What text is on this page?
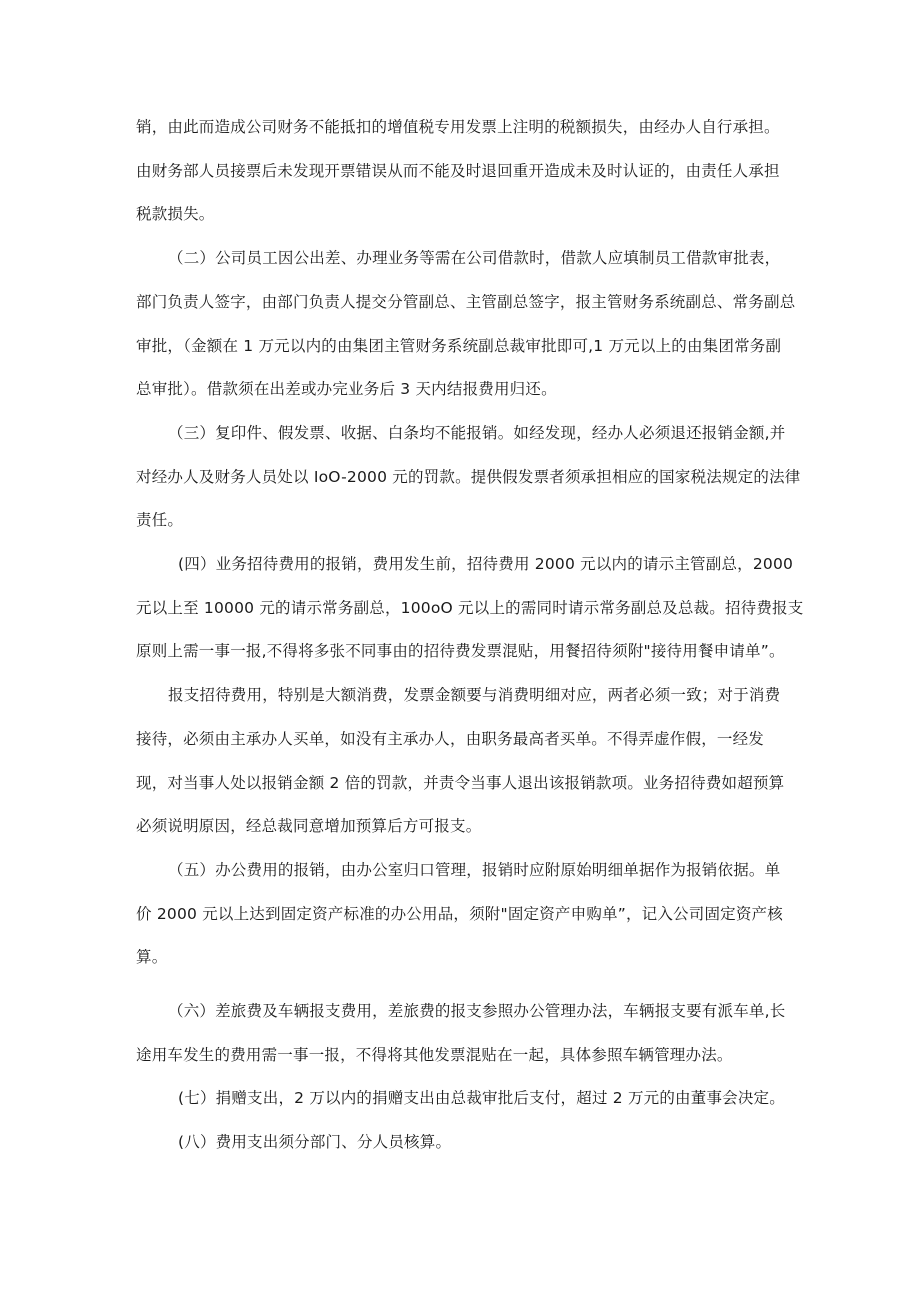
销，由此而造成公司财务不能抵扣的增值税专用发票上注明的税额损失，由经办人自行承担。
由财务部人员接票后未发现开票错误从而不能及时退回重开造成未及时认证的，由责任人承担
税款损失。
（二）公司员工因公出差、办理业务等需在公司借款时，借款人应填制员工借款审批表，
部门负责人签字，由部门负责人提交分管副总、主管副总签字，报主管财务系统副总、常务副总
审批，（金额在 1 万元以内的由集团主管财务系统副总裁审批即可,1 万元以上的由集团常务副
总审批）。借款须在出差或办完业务后 3 天内结报费用归还。
（三）复印件、假发票、收据、白条均不能报销。如经发现，经办人必须退还报销金额,并
对经办人及财务人员处以 IoO-2000 元的罚款。提供假发票者须承担相应的国家税法规定的法律
责任。
(四）业务招待费用的报销，费用发生前，招待费用 2000 元以内的请示主管副总，2000
元以上至 10000 元的请示常务副总，100oO 元以上的需同时请示常务副总及总裁。招待费报支
原则上需一事一报,不得将多张不同事由的招待费发票混贴，用餐招待须附"接待用餐申请单”。
报支招待费用，特别是大额消费，发票金额要与消费明细对应，两者必须一致；对于消费
接待，必须由主承办人买单，如没有主承办人，由职务最高者买单。不得弄虚作假，一经发
现，对当事人处以报销金额 2 倍的罚款，并责令当事人退出该报销款项。业务招待费如超预算
必须说明原因，经总裁同意增加预算后方可报支。
（五）办公费用的报销，由办公室归口管理，报销时应附原始明细单据作为报销依据。单
价 2000 元以上达到固定资产标准的办公用品，须附"固定资产申购单”，记入公司固定资产核
算。
（六）差旅费及车辆报支费用，差旅费的报支参照办公管理办法，车辆报支要有派车单,长
途用车发生的费用需一事一报，不得将其他发票混贴在一起，具体参照车辆管理办法。
(七）捐赠支出，2 万以内的捐赠支出由总裁审批后支付，超过 2 万元的由董事会决定。
(八）费用支出须分部门、分人员核算。
